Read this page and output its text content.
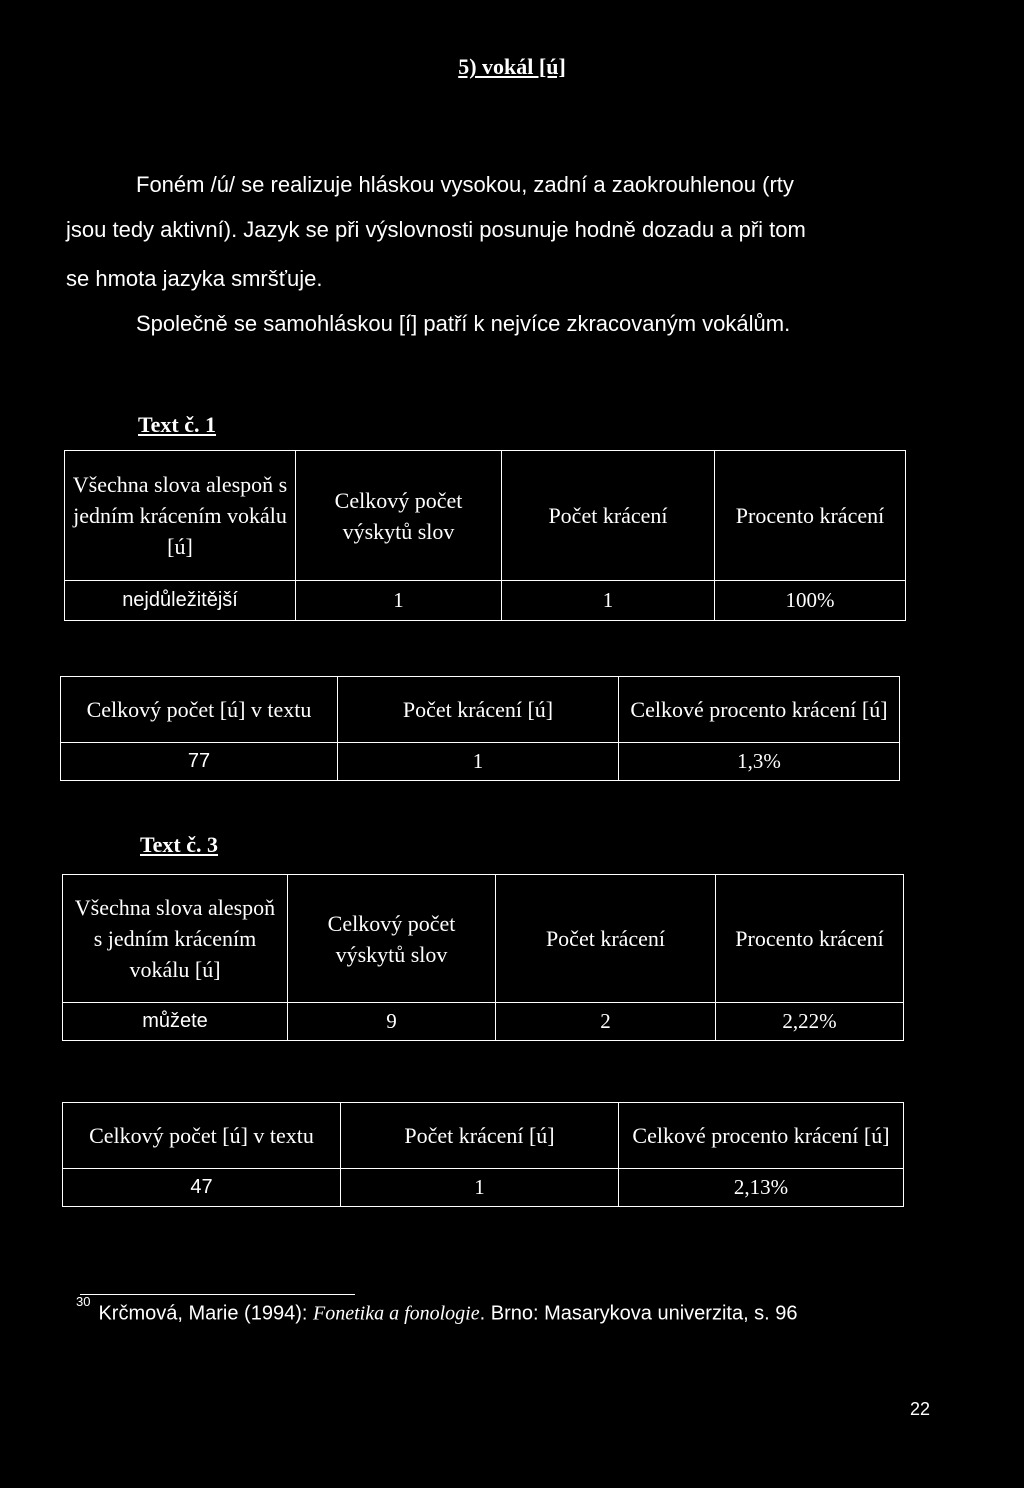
5) vokál [ú]
Foném /ú/ se realizuje hláskou vysokou, zadní a zaokrouhlenou (rty
jsou tedy aktivní). Jazyk se při výslovnosti posunuje hodně dozadu a při tom
se hmota jazyka smršťuje.
Společně se samohláskou [í] patří k nejvíce zkracovaným vokálům.
Text č. 1
Všechna slova alespoň s jedním krácením vokálu [ú]	Celkový počet výskytů slov	Počet krácení	Procento krácení
nejdůležitější	1	1	100%
Celkový počet [ú] v textu	Počet krácení [ú]	Celkové procento krácení [ú]
77	1	1,3%
Text č. 3
Všechna slova alespoň s jedním krácením vokálu [ú]	Celkový počet výskytů slov	Počet krácení	Procento krácení
můžete	9	2	2,22%
Celkový počet [ú] v textu	Počet krácení [ú]	Celkové procento krácení [ú]
47	1	2,13%
$^{30}$Krčmová, Marie (1994): Fonetika a fonologie. Brno: Masarykova univerzita, s. 96
22
